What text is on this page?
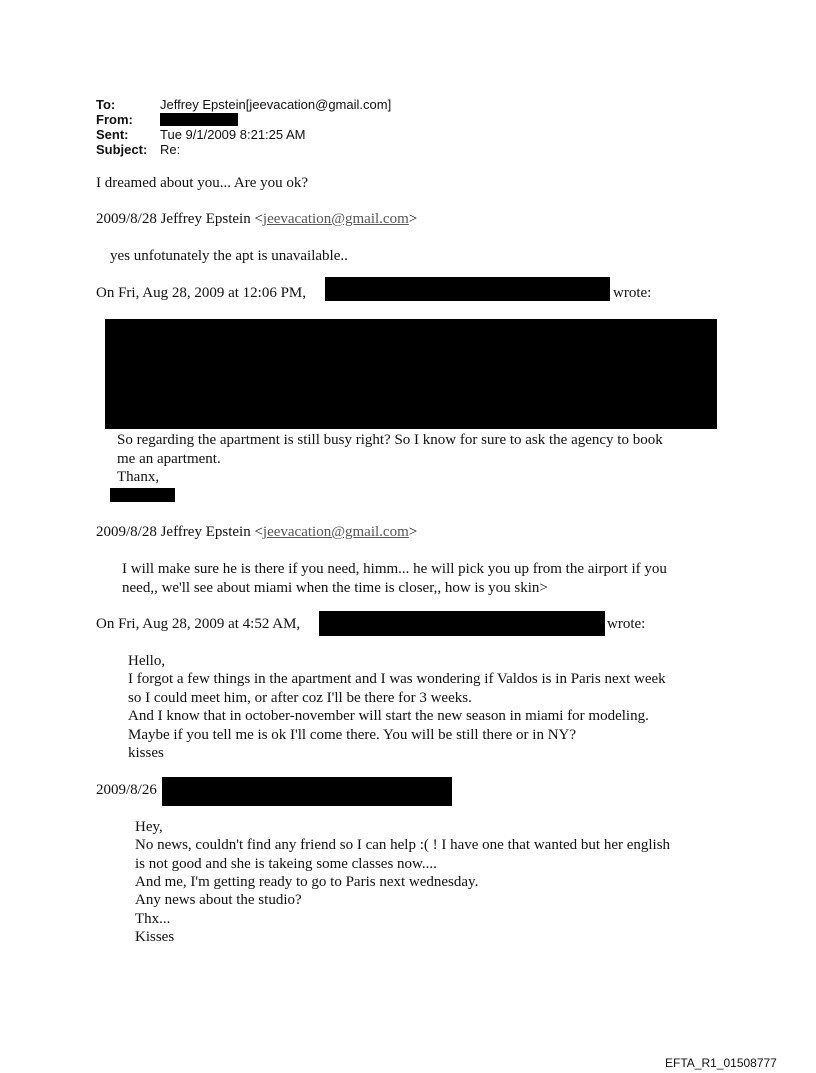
To:	Jeffrey Epstein[jeevacation@gmail.com]
From:
Sent: Tue 9/1/2009 8:21:25 AM
Subject: Re:
I dreamed about you... Are you ok?
2009/8/28 Jeffrey Epstein <jeevacation@gmail.com>
yes unfotunately the apt is unavailable..
On Fri, Aug 28, 2009 at 12:06 PM,	wrote:
So regarding the apartment is still busy right? So I know for sure to ask the agency to book
me an apartment.
Thanx,
2009/8/28 Jeffrey Epstein <jeevacation@gmail.com>
I will make sure he is there if you need, himm... he will pick you up from the airport if you
need,, we'll see about miami when the time is closer,, how is you skin>
On Fri, Aug 28, 2009 at 4:52 AM,	wrote:
Hello,
I forgot a few things in the apartment and I was wondering if Valdos is in Paris next week
so I could meet him, or after coz I'll be there for 3 weeks.
And I know that in october-november will start the new season in miami for modeling.
Maybe if you tell me is ok I'll come there. You will be still there or in NY?
kisses
2009/8/26
Hey,
No news, couldn't find any friend so I can help :( ! I have one that wanted but her english
is not good and she is takeing some classes now....
And me, I'm getting ready to go to Paris next wednesday.
Any news about the studio?
Thx...
Kisses
EFTA_R1_01508777
